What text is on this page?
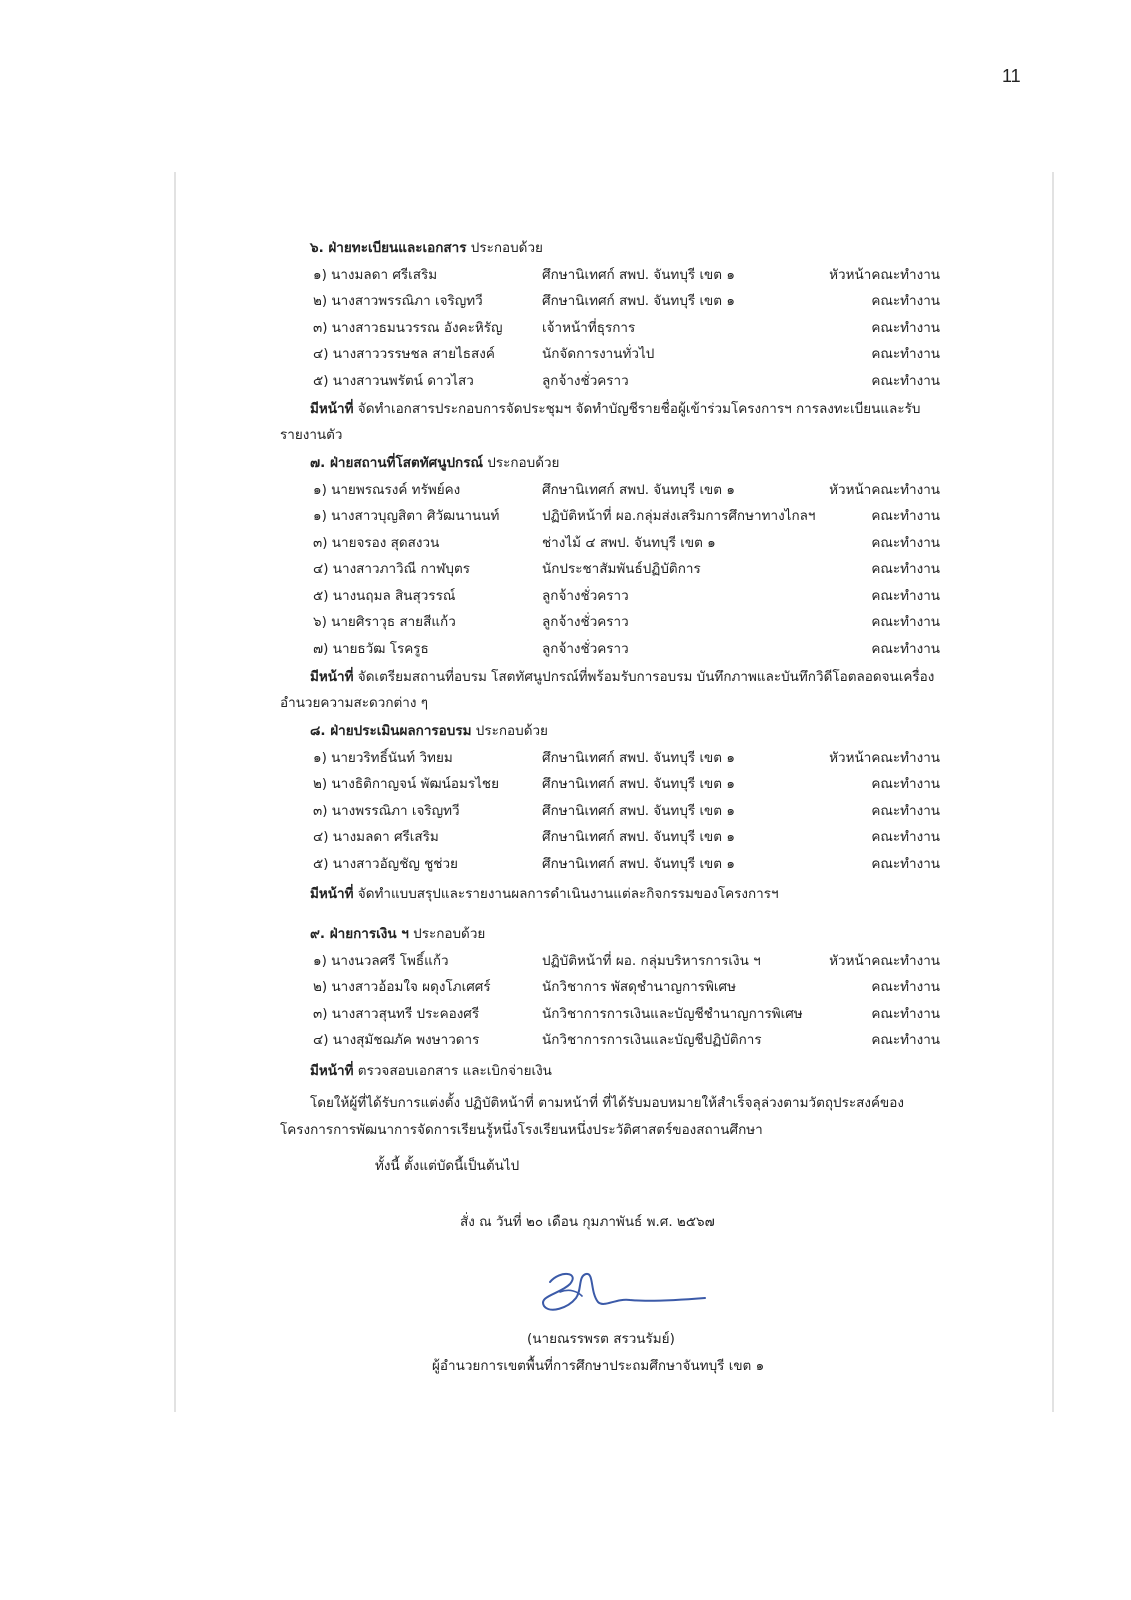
11
๖. ฝ่ายทะเบียนและเอกสาร ประกอบด้วย
๑) นางมลดา ศรีเสริม	ศึกษานิเทศก์ สพป. จันทบุรี เขต ๑	หัวหน้าคณะทำงาน
๒) นางสาวพรรณิภา เจริญทวี	ศึกษานิเทศก์ สพป. จันทบุรี เขต ๑	คณะทำงาน
๓) นางสาวธมนวรรณ อังคะหิรัญ	เจ้าหน้าที่ธุรการ	คณะทำงาน
๔) นางสาววรรษชล สายไธสงค์	นักจัดการงานทั่วไป	คณะทำงาน
๕) นางสาวนพรัตน์ ดาวไสว	ลูกจ้างชั่วคราว	คณะทำงาน
มีหน้าที่ จัดทำเอกสารประกอบการจัดประชุมฯ จัดทำบัญชีรายชื่อผู้เข้าร่วมโครงการฯ การลงทะเบียนและรับรายงานตัว
๗. ฝ่ายสถานที่โสตทัศนูปกรณ์ ประกอบด้วย
๑) นายพรณรงค์ ทรัพย์คง	ศึกษานิเทศก์ สพป. จันทบุรี เขต ๑	หัวหน้าคณะทำงาน
๑) นางสาวบุญสิตา ศิวัฒนานนท์	ปฏิบัติหน้าที่ ผอ.กลุ่มส่งเสริมการศึกษาทางไกลฯ	คณะทำงาน
๓) นายจรอง สุดสงวน	ช่างไม้ ๔ สพป. จันทบุรี เขต ๑	คณะทำงาน
๔) นางสาวภาวิณี กาฬบุตร	นักประชาสัมพันธ์ปฏิบัติการ	คณะทำงาน
๕) นางนฤมล สินสุวรรณ์	ลูกจ้างชั่วคราว	คณะทำงาน
๖) นายศิราวุธ สายสีแก้ว	ลูกจ้างชั่วคราว	คณะทำงาน
๗) นายธวัฒ โรครูธ	ลูกจ้างชั่วคราว	คณะทำงาน
มีหน้าที่ จัดเตรียมสถานที่อบรม โสตทัศนูปกรณ์ที่พร้อมรับการอบรม บันทึกภาพและบันทึกวิดีโอตลอดจนเครื่องอำนวยความสะดวกต่าง ๆ
๘. ฝ่ายประเมินผลการอบรม ประกอบด้วย
๑) นายวริทธิ์นันท์ วิทยม	ศึกษานิเทศก์ สพป. จันทบุรี เขต ๑	หัวหน้าคณะทำงาน
๒) นางธิติกาญจน์ พัฒน์อมรไชย	ศึกษานิเทศก์ สพป. จันทบุรี เขต ๑	คณะทำงาน
๓) นางพรรณิภา เจริญทวี	ศึกษานิเทศก์ สพป. จันทบุรี เขต ๑	คณะทำงาน
๔) นางมลดา ศรีเสริม	ศึกษานิเทศก์ สพป. จันทบุรี เขต ๑	คณะทำงาน
๕) นางสาวอัญชัญ ชูช่วย	ศึกษานิเทศก์ สพป. จันทบุรี เขต ๑	คณะทำงาน
มีหน้าที่ จัดทำแบบสรุปและรายงานผลการดำเนินงานแต่ละกิจกรรมของโครงการฯ
๙. ฝ่ายการเงิน ฯ ประกอบด้วย
๑) นางนวลศรี โพธิ์แก้ว	ปฏิบัติหน้าที่ ผอ. กลุ่มบริหารการเงิน ฯ	หัวหน้าคณะทำงาน
๒) นางสาวอ้อมใจ ผดุงโภเศศร์	นักวิชาการ พัสดุชำนาญการพิเศษ	คณะทำงาน
๓) นางสาวสุนทรี ประคองศรี	นักวิชาการการเงินและบัญชีชำนาญการพิเศษ	คณะทำงาน
๔) นางสุมัชฌภัค พงษาวดาร	นักวิชาการการเงินและบัญชีปฏิบัติการ	คณะทำงาน
มีหน้าที่ ตรวจสอบเอกสาร และเบิกจ่ายเงิน
โดยให้ผู้ที่ได้รับการแต่งตั้ง ปฏิบัติหน้าที่ ตามหน้าที่ ที่ได้รับมอบหมายให้สำเร็จลุล่วงตามวัตถุประสงค์ของโครงการการพัฒนาการจัดการเรียนรู้หนึ่งโรงเรียนหนึ่งประวัติศาสตร์ของสถานศึกษา
ทั้งนี้ ตั้งแต่บัดนี้เป็นต้นไป
สั่ง ณ วันที่ ๒๐ เดือน กุมภาพันธ์ พ.ศ. ๒๕๖๗
(นายณรรพรต สรวนรัมย์)
ผู้อำนวยการเขตพื้นที่การศึกษาประถมศึกษาจันทบุรี เขต ๑
